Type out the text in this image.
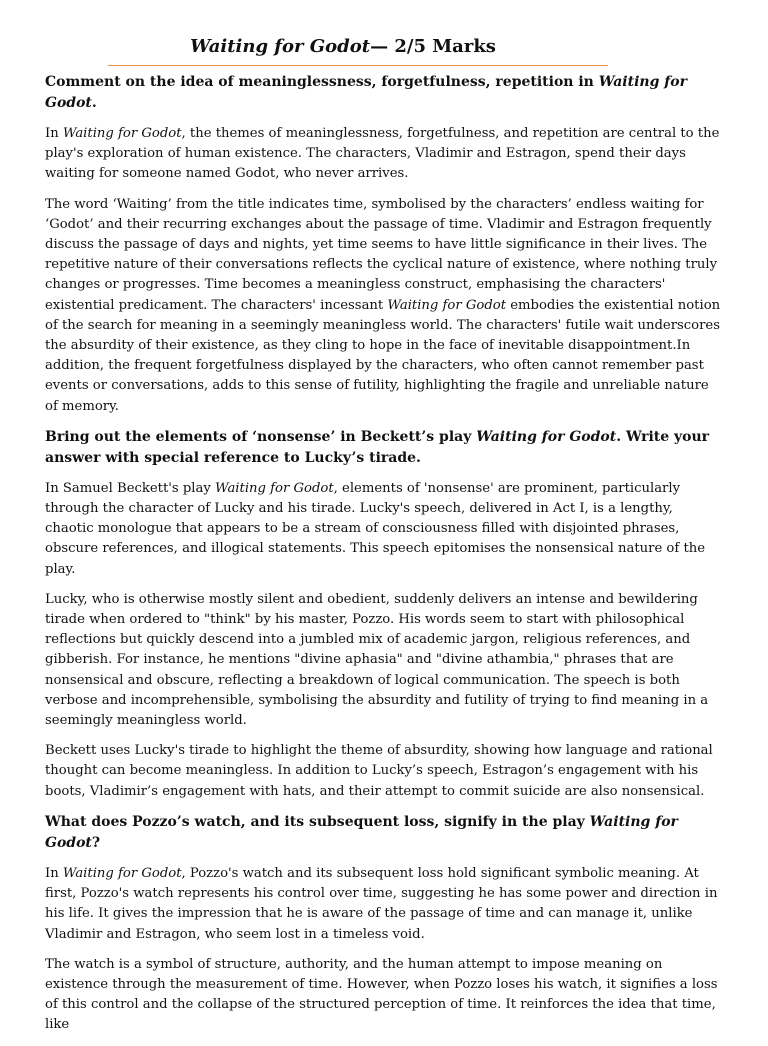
Waiting for Godot— 2/5 Marks
Comment on the idea of meaninglessness, forgetfulness, repetition in Waiting for Godot.
In Waiting for Godot, the themes of meaninglessness, forgetfulness, and repetition are central to the play's exploration of human existence. The characters, Vladimir and Estragon, spend their days waiting for someone named Godot, who never arrives.
The word ‘Waiting’ from the title indicates time, symbolised by the characters’ endless waiting for ‘Godot’ and their recurring exchanges about the passage of time. Vladimir and Estragon frequently discuss the passage of days and nights, yet time seems to have little significance in their lives. The repetitive nature of their conversations reflects the cyclical nature of existence, where nothing truly changes or progresses. Time becomes a meaningless construct, emphasising the characters' existential predicament. The characters' incessant Waiting for Godot embodies the existential notion of the search for meaning in a seemingly meaningless world. The characters' futile wait underscores the absurdity of their existence, as they cling to hope in the face of inevitable disappointment.In addition, the frequent forgetfulness displayed by the characters, who often cannot remember past events or conversations, adds to this sense of futility, highlighting the fragile and unreliable nature of memory.
Bring out the elements of ‘nonsense’ in Beckett’s play Waiting for Godot. Write your answer with special reference to Lucky’s tirade.
In Samuel Beckett's play Waiting for Godot, elements of 'nonsense' are prominent, particularly through the character of Lucky and his tirade. Lucky's speech, delivered in Act I, is a lengthy, chaotic monologue that appears to be a stream of consciousness filled with disjointed phrases, obscure references, and illogical statements. This speech epitomises the nonsensical nature of the play.
Lucky, who is otherwise mostly silent and obedient, suddenly delivers an intense and bewildering tirade when ordered to "think" by his master, Pozzo. His words seem to start with philosophical reflections but quickly descend into a jumbled mix of academic jargon, religious references, and gibberish. For instance, he mentions "divine aphasia" and "divine athambia," phrases that are nonsensical and obscure, reflecting a breakdown of logical communication. The speech is both verbose and incomprehensible, symbolising the absurdity and futility of trying to find meaning in a seemingly meaningless world.
Beckett uses Lucky's tirade to highlight the theme of absurdity, showing how language and rational thought can become meaningless. In addition to Lucky’s speech, Estragon’s engagement with his boots, Vladimir’s engagement with hats, and their attempt to commit suicide are also nonsensical.
What does Pozzo’s watch, and its subsequent loss, signify in the play Waiting for Godot?
In Waiting for Godot, Pozzo's watch and its subsequent loss hold significant symbolic meaning. At first, Pozzo's watch represents his control over time, suggesting he has some power and direction in his life. It gives the impression that he is aware of the passage of time and can manage it, unlike Vladimir and Estragon, who seem lost in a timeless void.
The watch is a symbol of structure, authority, and the human attempt to impose meaning on existence through the measurement of time. However, when Pozzo loses his watch, it signifies a loss of this control and the collapse of the structured perception of time. It reinforces the idea that time, like
